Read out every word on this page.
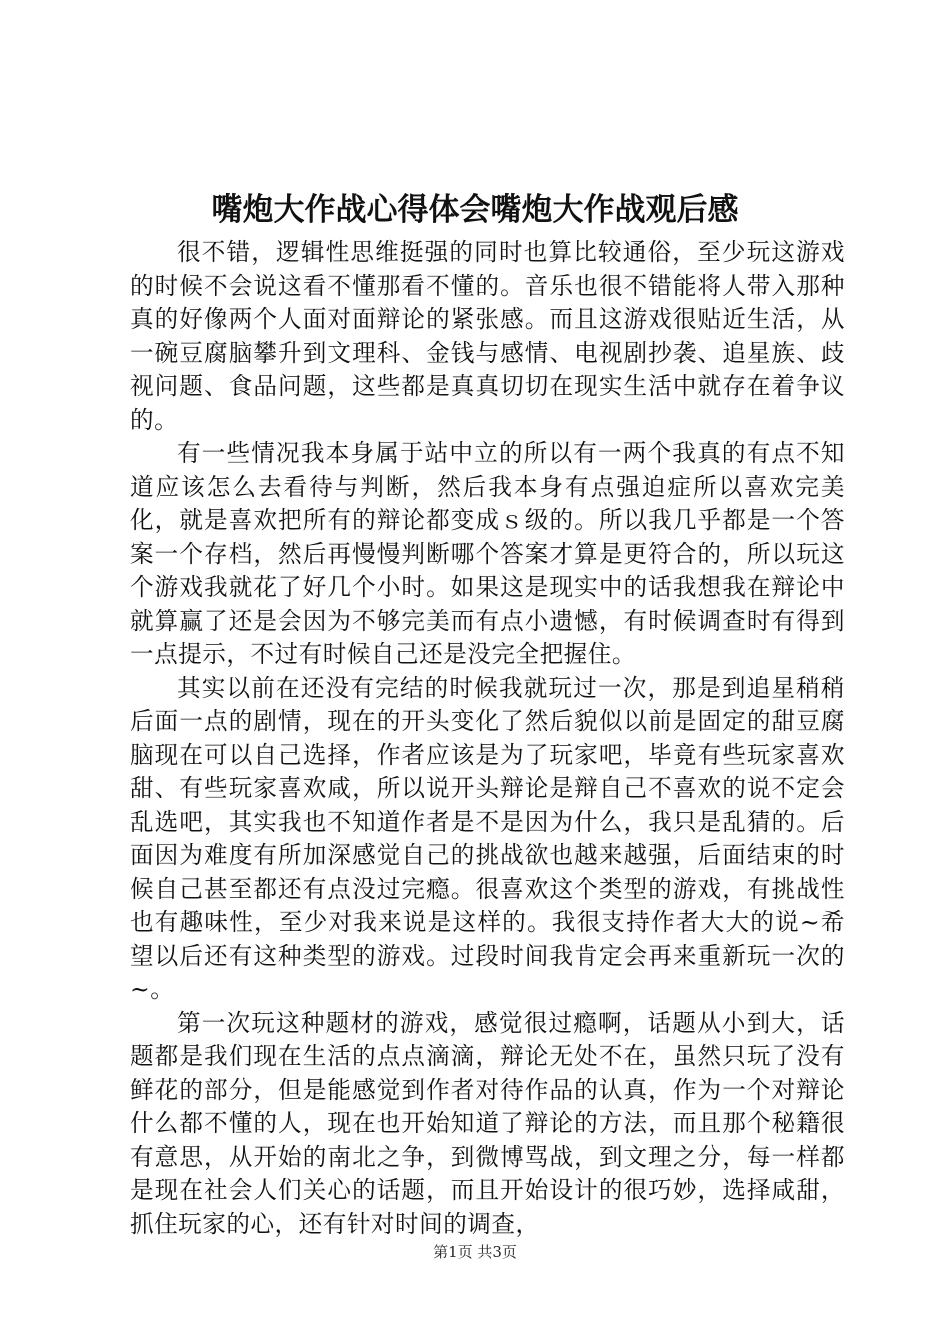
嘴炮大作战心得体会嘴炮大作战观后感

很不错，逻辑性思维挺强的同时也算比较通俗，至少玩这游戏的时候不会说这看不懂那看不懂的。音乐也很不错能将人带入那种真的好像两个人面对面辩论的紧张感。而且这游戏很贴近生活，从一碗豆腐脑攀升到文理科、金钱与感情、电视剧抄袭、追星族、歧视问题、食品问题，这些都是真真切切在现实生活中就存在着争议的。

有一些情况我本身属于站中立的所以有一两个我真的有点不知道应该怎么去看待与判断，然后我本身有点强迫症所以喜欢完美化，就是喜欢把所有的辩论都变成ｓ级的。所以我几乎都是一个答案一个存档，然后再慢慢判断哪个答案才算是更符合的，所以玩这个游戏我就花了好几个小时。如果这是现实中的话我想我在辩论中就算赢了还是会因为不够完美而有点小遗憾，有时候调查时有得到一点提示，不过有时候自己还是没完全把握住。

其实以前在还没有完结的时候我就玩过一次，那是到追星稍稍后面一点的剧情，现在的开头变化了然后貌似以前是固定的甜豆腐脑现在可以自己选择，作者应该是为了玩家吧，毕竟有些玩家喜欢甜、有些玩家喜欢咸，所以说开头辩论是辩自己不喜欢的说不定会乱选吧，其实我也不知道作者是不是因为什么，我只是乱猜的。后面因为难度有所加深感觉自己的挑战欲也越来越强，后面结束的时候自己甚至都还有点没过完瘾。很喜欢这个类型的游戏，有挑战性也有趣味性，至少对我来说是这样的。我很支持作者大大的说~希望以后还有这种类型的游戏。过段时间我肯定会再来重新玩一次的~。

第一次玩这种题材的游戏，感觉很过瘾啊，话题从小到大，话题都是我们现在生活的点点滴滴，辩论无处不在，虽然只玩了没有鲜花的部分，但是能感觉到作者对待作品的认真，作为一个对辩论什么都不懂的人，现在也开始知道了辩论的方法，而且那个秘籍很有意思，从开始的南北之争，到微博骂战，到文理之分，每一样都是现在社会人们关心的话题，而且开始设计的很巧妙，选择咸甜，抓住玩家的心，还有针对时间的调查，

第1页 共3页
